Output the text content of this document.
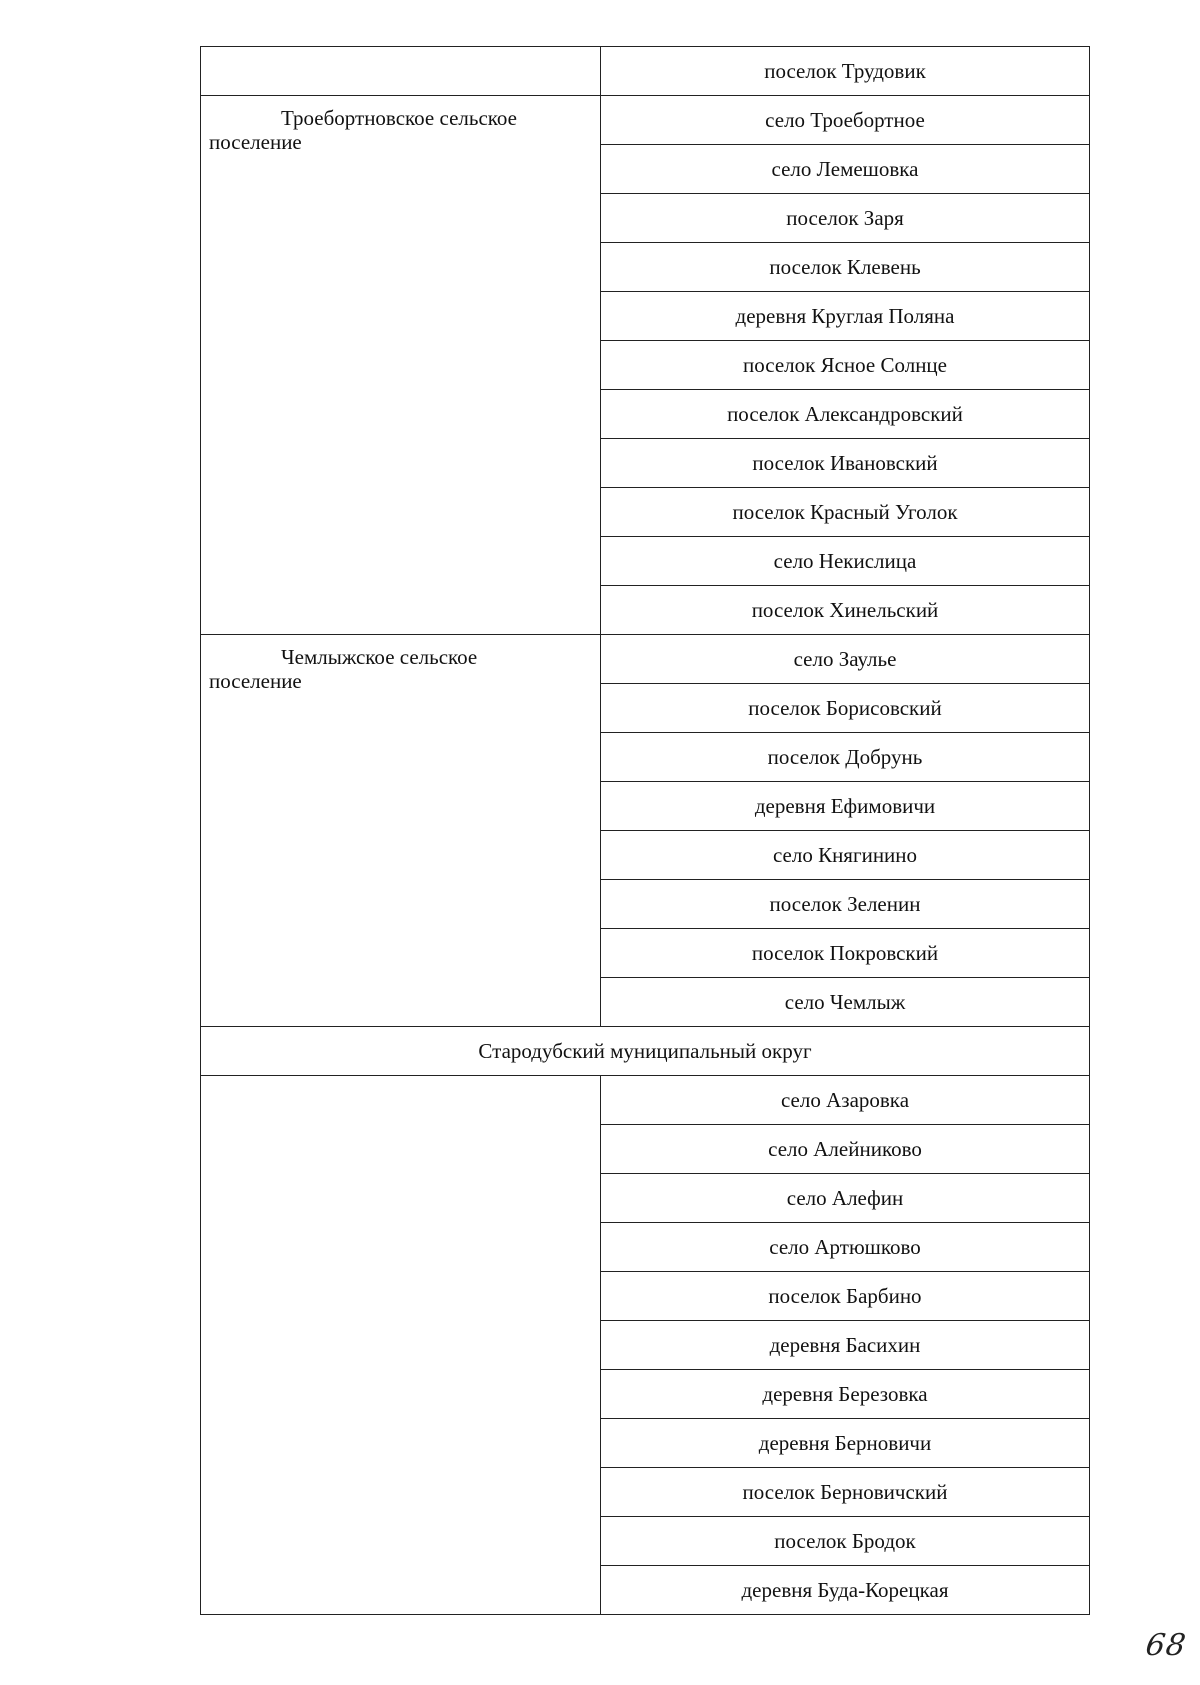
	поселок Трудовик

Троебортновское сельское
поселение	село Троебортное
	село Лемешовка
	поселок Заря
	поселок Клевень
	деревня Круглая Поляна
	поселок Ясное Солнце
	поселок Александровский
	поселок Ивановский
	поселок Красный Уголок
	село Некислица
	поселок Хинельский

Чемлыжское сельское
поселение	село Заулье
	поселок Борисовский
	поселок Добрунь
	деревня Ефимовичи
	село Княгинино
	поселок Зеленин
	поселок Покровский
	село Чемлыж
Стародубский муниципальный округ	
	село Азаровка
	село Алейниково
	село Алефин
	село Артюшково
	поселок Барбино
	деревня Басихин
	деревня Березовка
	деревня Берновичи
	поселок Берновичский
	поселок Бродок
	деревня Буда-Корецкая
68
